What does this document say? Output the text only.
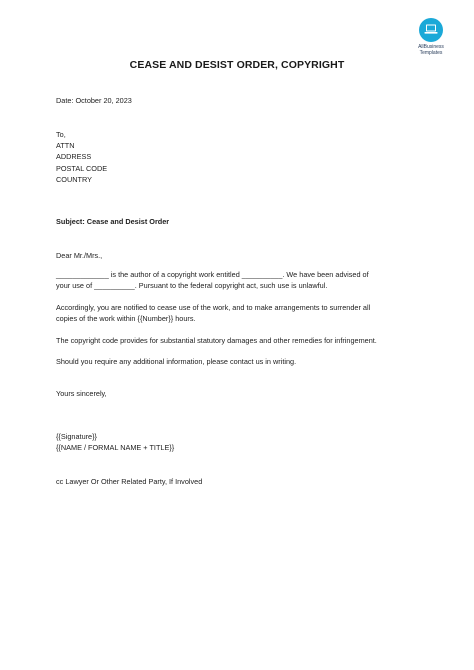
AllBusiness
Templates
CEASE AND DESIST ORDER, COPYRIGHT
Date: October 20, 2023
To,
ATTN
ADDRESS
POSTAL CODE
COUNTRY
Subject: Cease and Desist Order
Dear Mr./Mrs.,
_____________ is the author of a copyright work entitled __________. We have been advised of
your use of __________. Pursuant to the federal copyright act, such use is unlawful.
Accordingly, you are notified to cease use of the work, and to make arrangements to surrender all
copies of the work within {{Number}} hours.
The copyright code provides for substantial statutory damages and other remedies for infringement.
Should you require any additional information, please contact us in writing.
Yours sincerely,
{{Signature}}
{{NAME / FORMAL NAME + TITLE}}
cc Lawyer Or Other Related Party, If Involved
